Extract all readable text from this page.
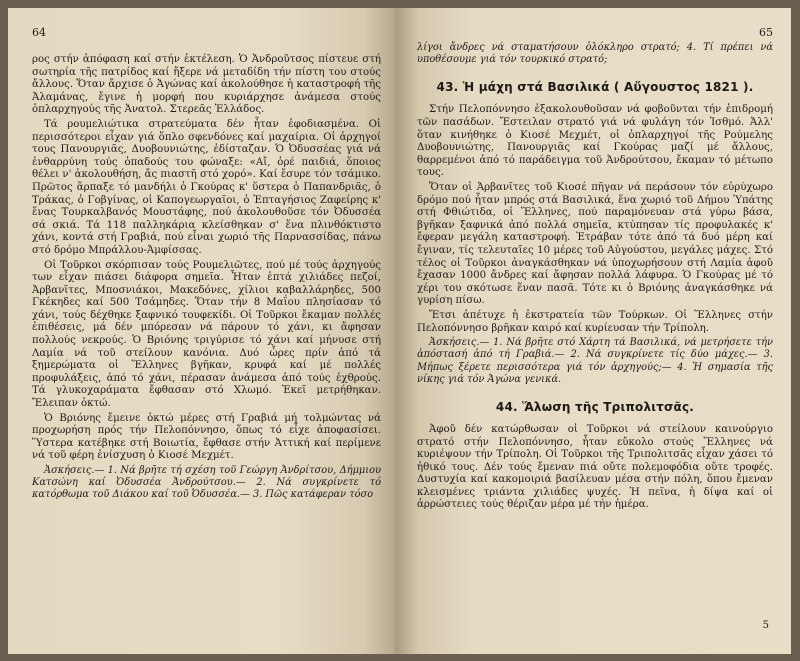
64

ρος στήν ἀπόφαση καί στήν ἐκτέλεση. Ὁ Ἀνδροῦτσος πίστευε στή σωτηρία τῆς πατρίδος καί ἤξερε νά μεταδίδη τήν πίστη του στούς ἄλλους. Ὅταν ἄρχισε ὁ Ἀγώνας καί ἀκολούθησε ἡ καταστροφή τῆς Ἀλαμάνας, ἔγινε ἡ μορφή που κυριάρχησε ἀνάμεσα στούς ὁπλαρχηγούς τῆς Ἀνατολ. Στερεᾶς Ἑλλάδος.

Τά ρουμελιώτικα στρατεύματα δέν ἦταν ἐφοδιασμένα. Οἱ περισσότεροι εἶχαν γιά ὅπλο σφενδόνες καί μαχαίρια. Οἱ ἀρχηγοί τους Πανουργιᾶς, Δυοβουνιώτης, ἐδίσταζαν. Ὁ Ὀδυσσέας γιά νά ἐνθαρρύνη τούς ὀπαδούς του φώναξε: «Αἴ, ὀρέ παιδιά, ὅποιος θέλει ν' ἀκολουθήση, ἄς πιαστῆ στό χορό». Καί ἔσυρε τόν τσάμικο. Πρῶτος ἅρπαξε τό μανδήλι ὁ Γκούρας κ' ὕστερα ὁ Παπανδριᾶς, ὁ Τράκας, ὁ Γοβγίνας, οἱ Καπογεωργαῖοι, ὁ Ἐπταγήσιος Ζαφείρης κ' ἕνας Τουρκαλβανός Μουστάφης, πού ἀκολουθοῦσε τόν Ὀδυσσέα σά σκιά. Τά 118 παλληκάρια κλείσθηκαν σ' ἕνα πλινθόκτιστο χάνι, κοντά στή Γραβιά, πού εἶναι χωριό τῆς Παρνασσίδας, πάνω στό δρόμο Μπράλλου-Ἀμφίσσας.

Οἱ Τοῦρκοι σκόρπισαν τούς Ρουμελιῶτες, πού μέ τούς ἀρχηγούς των εἶχαν πιάσει διάφορα σημεῖα. Ἦταν ἑπτά χιλιάδες πεζοί, Ἀρβανῖτες, Μποσνιάκοι, Μακεδόνες, χίλιοι καβαλλάρηδες, 500 Γκέκηδες καί 500 Τσάμηδες. Ὅταν τήν 8 Μαΐου πλησίασαν τό χάνι, τούς δέχθηκε ξαφνικό τουφεκίδι. Οἱ Τοῦρκοι ἔκαμαν πολλές ἐπιθέσεις, μά δέν μπόρεσαν νά πάρουν τό χάνι, κι ἄφησαν πολλούς νεκρούς. Ὁ Βριόνης τριγύρισε τό χάνι καί μήνυσε στή Λαμία νά τοῦ στείλουν κανόνια. Δυό ὧρες πρίν ἀπό τά ξημερώματα οἱ Ἕλληνες βγῆκαν, κρυφά καί μέ πολλές προφυλάξεις, ἀπό τό χάνι, πέρασαν ἀνάμεσα ἀπό τούς ἐχθρούς. Τά γλυκοχαράματα ἔφθασαν στό Χλωμό. Ἐκεῖ μετρήθηκαν. Ἔλειπαν ὀκτώ.

Ὁ Βριόνης ἔμεινε ὀκτώ μέρες στή Γραβιά μή τολμώντας νά προχωρήση πρός τήν Πελοπόννησο, ὅπως τό εἶχε ἀποφασίσει. Ὕστερα κατέβηκε στή Βοιωτία, ἔφθασε στήν Ἀττική καί περίμενε νά τοῦ φέρη ἐνίσχυση ὁ Κιοσέ Μεχμέτ.

Ἀσκήσεις.— 1. Νά βρῆτε τή σχέση τοῦ Γεώργη Ἀνδρίτσου, Δήμμιου Κατσώνη καί Ὀδυσσέα Ἀνδρούτσου.— 2. Νά συγκρίνετε τό κατόρθωμα τοῦ Διάκου καί τοῦ Ὀδυσσέα.— 3. Πῶς κατάφεραν τόσο

65

λίγοι ἄνδρες νά σταματήσουν ὁλόκληρο στρατό; 4. Τί πρέπει νά υποθέσουμε γιά τόν τουρκικό στρατό;

43. Ἡ μάχη στά Βασιλικά ( Αὔγουστος 1821 ).

Στήν Πελοπόννησο ἐξακολουθοῦσαν νά φοβοῦνται τήν ἐπιδρομή τῶν πασάδων. Ἔστειλαν στρατό γιά νά φυλάγη τόν Ἰσθμό. Ἀλλ' ὅταν κινήθηκε ὁ Κιοσέ Μεχμέτ, οἱ ὁπλαρχηγοί τῆς Ρούμελης Δυοβουνιώτης, Πανουργιᾶς καί Γκούρας μαζί μέ ἄλλους, θαρρεμένοι ἀπό τό παράδειγμα τοῦ Ἀνδρούτσου, ἔκαμαν τό μέτωπο τους.

Ὅταν οἱ Ἀρβανῖτες τοῦ Κιοσέ πῆγαν νά περάσουν τόν εὐρύχωρο δρόμο πού ἦταν μπρός στά Βασιλικά, ἕνα χωριό τοῦ Δήμου Ὑπάτης στή Φθιώτιδα, οἱ Ἕλληνες, πού παραμόνευαν στά γύρω βάσα, βγῆκαν ξαφνικά ἀπό πολλά σημεῖα, κτύπησαν τίς προφυλακές κ' ἔφεραν μεγάλη καταστροφή. Ἐτράβαν τότε ἀπό τά δυό μέρη καί ἔγιναν, τίς τελευταῖες 10 μέρες τοῦ Αὐγούστου, μεγάλες μάχες. Στό τέλος οἱ Τοῦρκοι ἀναγκάσθηκαν νά ὑποχωρήσουν στή Λαμία ἀφοῦ ἔχασαν 1000 ἄνδρες καί ἄφησαν πολλά λάφυρα. Ὁ Γκούρας μέ τό χέρι του σκότωσε ἕναν πασᾶ. Τότε κι ὁ Βριόνης ἀναγκάσθηκε νά γυρίση πίσω.

Ἔτσι ἀπέτυχε ἡ ἐκστρατεία τῶν Τούρκων. Οἱ Ἕλληνες στήν Πελοπόννησο βρῆκαν καιρό καί κυρίευσαν τήν Τρίπολη.

Ἀσκήσεις.— 1. Νά βρῆτε στό Χάρτη τά Βασιλικά, νά μετρήσετε τήν ἀπόστασή ἀπό τή Γραβιά.— 2. Νά συγκρίνετε τίς δύο μάχες.— 3. Μήπως ξέρετε περισσότερα γιά τόν ἀρχηγούς;— 4. Ἡ σημασία τῆς νίκης γιά τόν Ἀγώνα γενικά.

44. Ἅλωση τῆς Τριπολιτσᾶς.

Ἀφοῦ δέν κατώρθωσαν οἱ Τοῦρκοι νά στείλουν καινούργιο στρατό στήν Πελοπόννησο, ἦταν εὔκολο στούς Ἕλληνες νά κυριέψουν τήν Τρίπολη. Οἱ Τοῦρκοι τῆς Τριπολιτσᾶς εἶχαν χάσει τό ἠθικό τους. Δέν τούς ἔμεναν πιά οὔτε πολεμοφόδια οὔτε τροφές. Δυστυχία καί κακομοιριά βασίλευαν μέσα στήν πόλη, ὅπου ἔμεναν κλεισμένες τριάντα χιλιάδες ψυχές. Ἡ πεῖνα, ἡ δίψα καί οἱ ἀρρώστειες τούς θέριζαν μέρα μέ τήν ἡμέρα.

5
